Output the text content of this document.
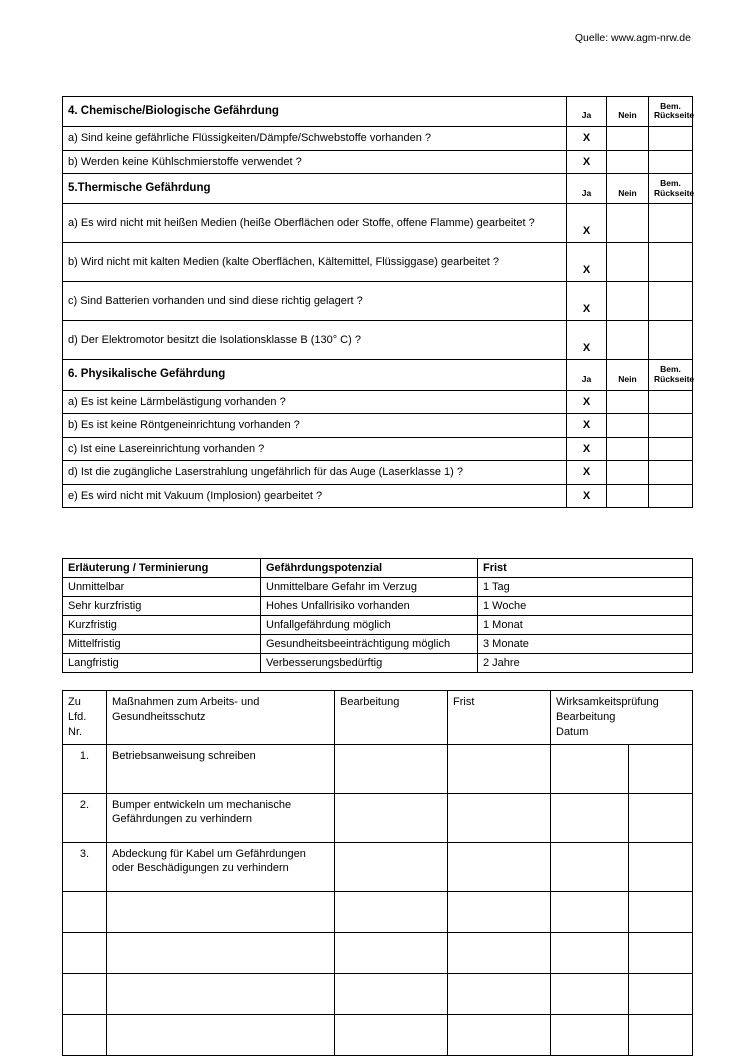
Quelle: www.agm-nrw.de
4. Chemische/Biologische Gefährdung	Ja	Nein	Bem.
Rückseite
a) Sind keine gefährliche Flüssigkeiten/Dämpfe/Schwebstoffe vorhanden ?	X		
b) Werden keine Kühlschmierstoffe verwendet ?	X		
5.Thermische Gefährdung	Ja	Nein	Bem.
Rückseite
a) Es wird nicht mit heißen Medien (heiße Oberflächen oder Stoffe, offene Flamme) gearbeitet ?	X		
b) Wird nicht mit kalten Medien (kalte Oberflächen, Kältemittel, Flüssiggase) gearbeitet ?	X		
c) Sind Batterien vorhanden und sind diese richtig gelagert ?	X		
d) Der Elektromotor besitzt die Isolationsklasse B (130° C) ?	X		
6. Physikalische Gefährdung	Ja	Nein	Bem.
Rückseite
a) Es ist keine Lärmbelästigung vorhanden ?	X		
b) Es ist keine Röntgeneinrichtung vorhanden ?	X		
c) Ist eine Lasereinrichtung vorhanden ?	X		
d) Ist die zugängliche Laserstrahlung ungefährlich für das Auge (Laserklasse 1) ?	X		
e) Es wird nicht mit Vakuum (Implosion) gearbeitet ?	X		
Erläuterung / Terminierung	Gefährdungspotenzial	Frist
Unmittelbar	Unmittelbare Gefahr im Verzug	1 Tag
Sehr kurzfristig	Hohes Unfallrisiko vorhanden	1 Woche
Kurzfristig	Unfallgefährdung möglich	1 Monat
Mittelfristig	Gesundheitsbeeinträchtigung möglich	3 Monate
Langfristig	Verbesserungsbedürftig	2 Jahre
Zu
Lfd.
Nr.	Maßnahmen zum Arbeits- und
Gesundheitsschutz	Bearbeitung	Frist	Wirksamkeitsprüfung
Bearbeitung
Datum	
1.	Betriebsanweisung schreiben

2.	Bumper entwickeln um mechanische
Gefährdungen zu verhindern				
3.	Abdeckung für Kabel um Gefährdungen
oder Beschädigungen zu verhindern				
